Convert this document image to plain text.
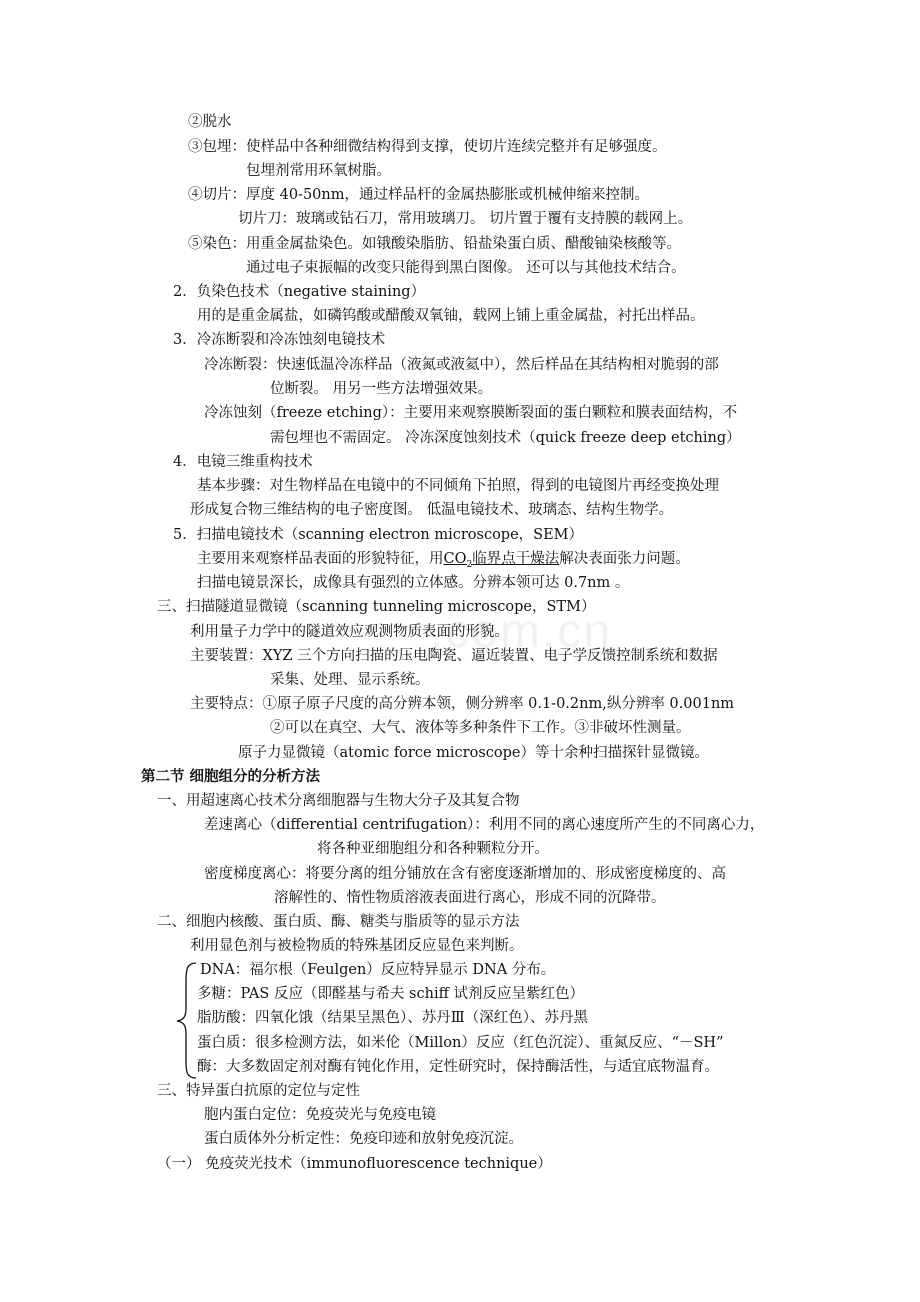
.com.cn
②脱水
③包埋：使样品中各种细微结构得到支撑，使切片连续完整并有足够强度。
包埋剂常用环氧树脂。
④切片：厚度 40-50nm，通过样品杆的金属热膨胀或机械伸缩来控制。
切片刀：玻璃或钻石刀，常用玻璃刀。 切片置于覆有支持膜的载网上。
⑤染色：用重金属盐染色。如锇酸染脂肪、铅盐染蛋白质、醋酸铀染核酸等。
通过电子束振幅的改变只能得到黑白图像。 还可以与其他技术结合。
2．负染色技术（negative staining）
用的是重金属盐，如磷钨酸或醋酸双氧铀，载网上铺上重金属盐，衬托出样品。
3．冷冻断裂和冷冻蚀刻电镜技术
冷冻断裂：快速低温冷冻样品（液氮或液氦中），然后样品在其结构相对脆弱的部
位断裂。 用另一些方法增强效果。
冷冻蚀刻（freeze etching）：主要用来观察膜断裂面的蛋白颗粒和膜表面结构，不
需包埋也不需固定。 冷冻深度蚀刻技术（quick freeze deep etching）
4．电镜三维重构技术
基本步骤：对生物样品在电镜中的不同倾角下拍照，得到的电镜图片再经变换处理
形成复合物三维结构的电子密度图。 低温电镜技术、玻璃态、结构生物学。
5．扫描电镜技术（scanning electron microscope，SEM）
主要用来观察样品表面的形貌特征，用$CO_2$临界点干燥法解决表面张力问题。
扫描电镜景深长，成像具有强烈的立体感。分辨本领可达 0.7nm 。
三、扫描隧道显微镜（scanning tunneling microscope，STM）
利用量子力学中的隧道效应观测物质表面的形貌。
主要装置：XYZ 三个方向扫描的压电陶瓷、逼近装置、电子学反馈控制系统和数据
采集、处理、显示系统。
主要特点：①原子原子尺度的高分辨本领，侧分辨率 0.1-0.2nm,纵分辨率 0.001nm
②可以在真空、大气、液体等多种条件下工作。③非破坏性测量。
原子力显微镜（atomic force microscope）等十余种扫描探针显微镜。
第二节 细胞组分的分析方法
一、用超速离心技术分离细胞器与生物大分子及其复合物
差速离心（differential centrifugation）：利用不同的离心速度所产生的不同离心力，
将各种亚细胞组分和各种颗粒分开。
密度梯度离心：将要分离的组分铺放在含有密度逐渐增加的、形成密度梯度的、高
溶解性的、惰性物质溶液表面进行离心，形成不同的沉降带。
二、细胞内核酸、蛋白质、酶、糖类与脂质等的显示方法
利用显色剂与被检物质的特殊基团反应显色来判断。
DNA：福尔根（Feulgen）反应特异显示 DNA 分布。
多糖：PAS 反应（即醛基与希夫 schiff 试剂反应呈紫红色）
脂肪酸：四氧化饿（结果呈黑色）、苏丹Ⅲ（深红色）、苏丹黑
蛋白质：很多检测方法，如米伦（Millon）反应（红色沉淀）、重氮反应、“－SH”
酶：大多数固定剂对酶有钝化作用，定性研究时，保持酶活性，与适宜底物温育。
三、特异蛋白抗原的定位与定性
胞内蛋白定位：免疫荧光与免疫电镜
蛋白质体外分析定性：免疫印迹和放射免疫沉淀。
（一） 免疫荧光技术（immunofluorescence technique）
